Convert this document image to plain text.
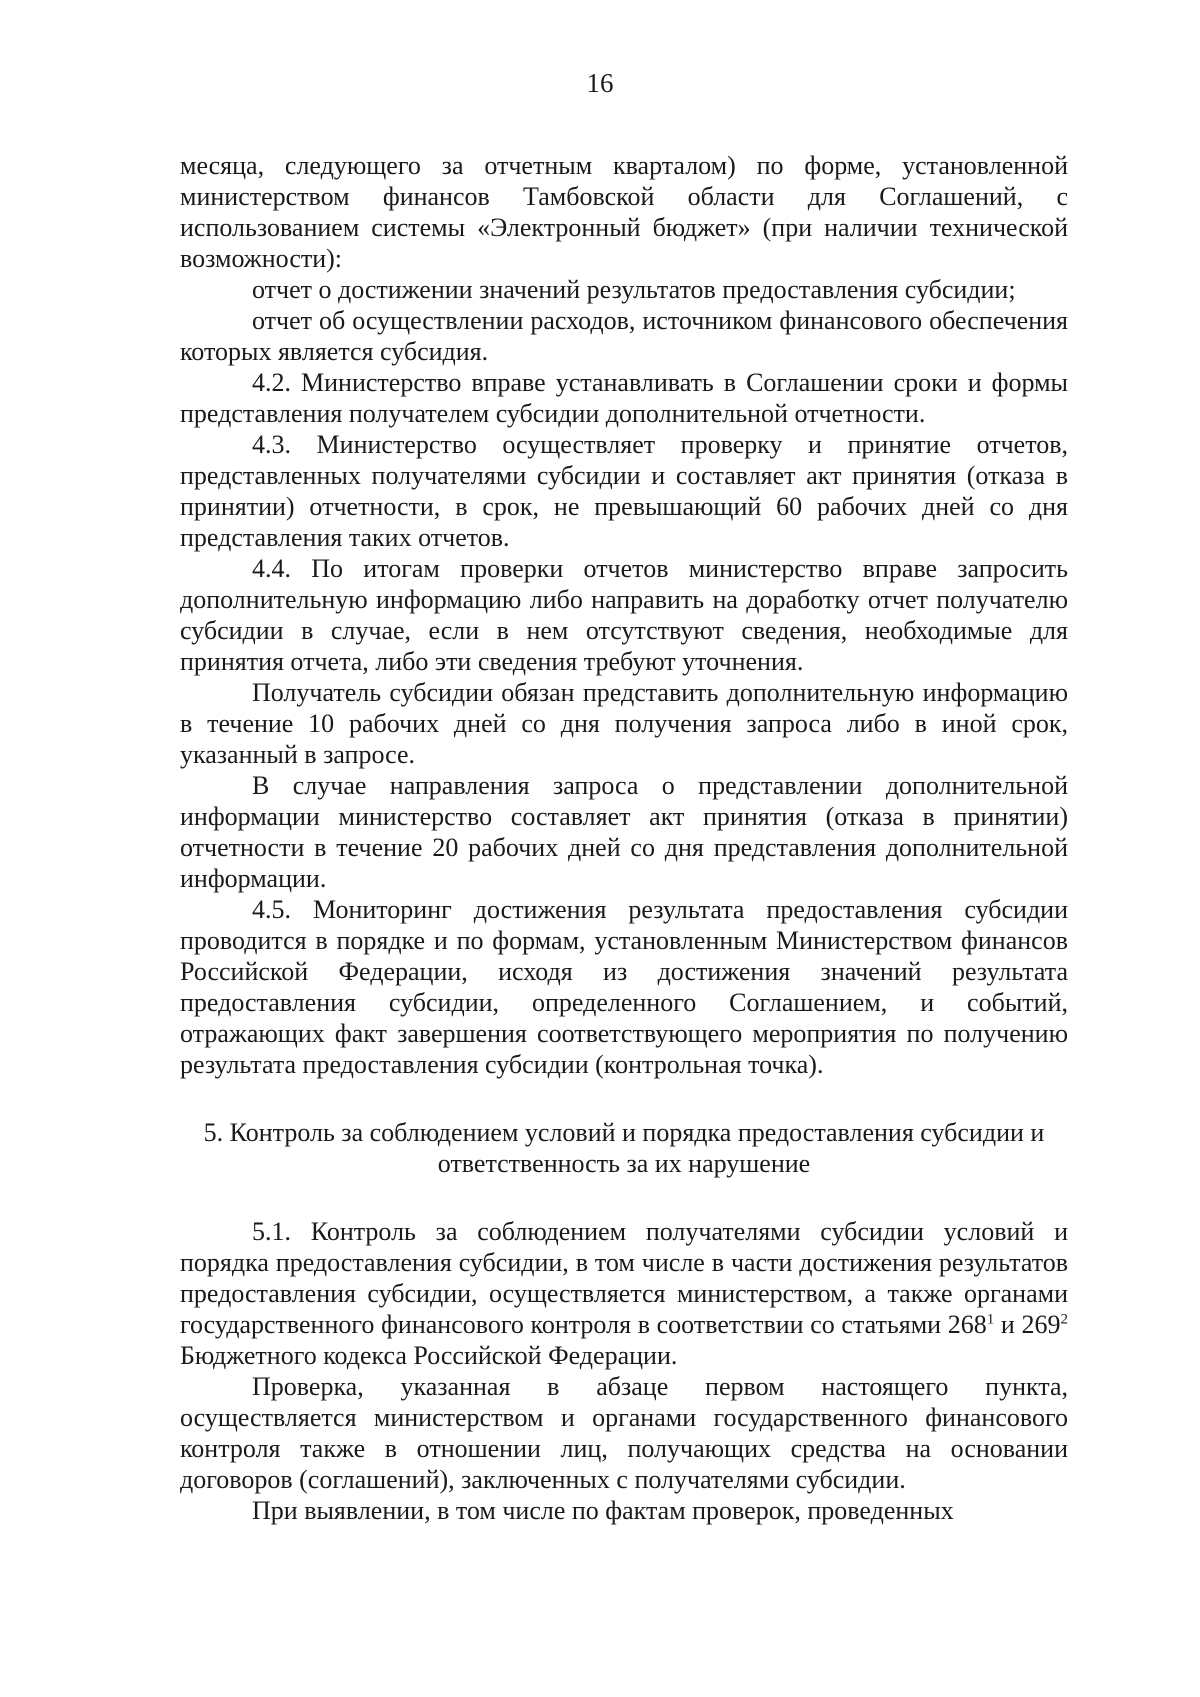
16

месяца, следующего за отчетным кварталом) по форме, установленной министерством финансов Тамбовской области для Соглашений, с использованием системы «Электронный бюджет» (при наличии технической возможности):

отчет о достижении значений результатов предоставления субсидии;

отчет об осуществлении расходов, источником финансового обеспечения которых является субсидия.

4.2. Министерство вправе устанавливать в Соглашении сроки и формы представления получателем субсидии дополнительной отчетности.

4.3. Министерство осуществляет проверку и принятие отчетов, представленных получателями субсидии и составляет акт принятия (отказа в принятии) отчетности, в срок, не превышающий 60 рабочих дней со дня представления таких отчетов.

4.4. По итогам проверки отчетов министерство вправе запросить дополнительную информацию либо направить на доработку отчет получателю субсидии в случае, если в нем отсутствуют сведения, необходимые для принятия отчета, либо эти сведения требуют уточнения.

Получатель субсидии обязан представить дополнительную информацию в течение 10 рабочих дней со дня получения запроса либо в иной срок, указанный в запросе.

В случае направления запроса о представлении дополнительной информации министерство составляет акт принятия (отказа в принятии) отчетности в течение 20 рабочих дней со дня представления дополнительной информации.

4.5. Мониторинг достижения результата предоставления субсидии проводится в порядке и по формам, установленным Министерством финансов Российской Федерации, исходя из достижения значений результата предоставления субсидии, определенного Соглашением, и событий, отражающих факт завершения соответствующего мероприятия по получению результата предоставления субсидии (контрольная точка).

5. Контроль за соблюдением условий и порядка предоставления субсидии и
ответственность за их нарушение

5.1. Контроль за соблюдением получателями субсидии условий и порядка предоставления субсидии, в том числе в части достижения результатов предоставления субсидии, осуществляется министерством, а также органами государственного финансового контроля в соответствии со статьями $268^1$ и $269^2$ Бюджетного кодекса Российской Федерации.

Проверка, указанная в абзаце первом настоящего пункта, осуществляется министерством и органами государственного финансового контроля также в отношении лиц, получающих средства на основании договоров (соглашений), заключенных с получателями субсидии.

При выявлении, в том числе по фактам проверок, проведенных
